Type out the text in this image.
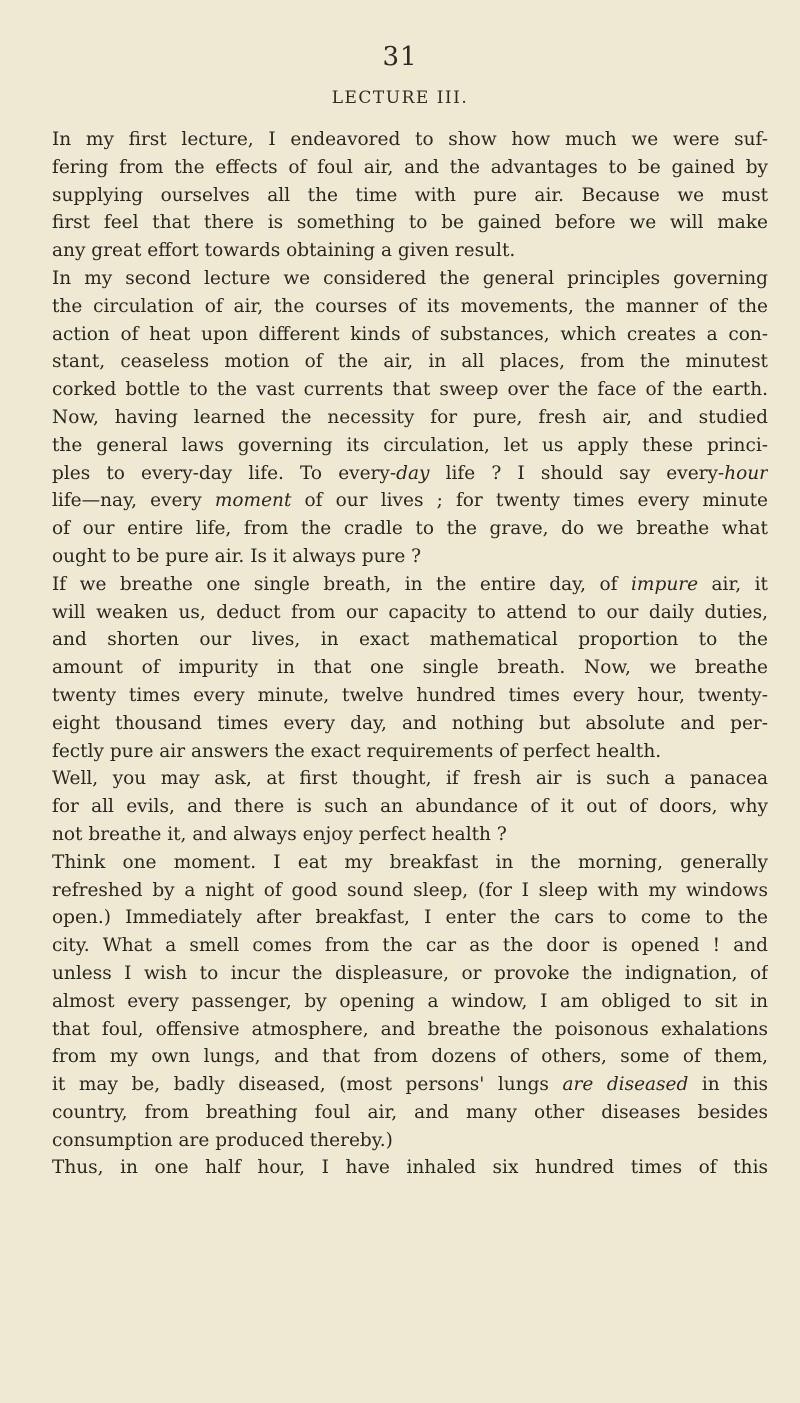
31
LECTURE III.
In my first lecture, I endeavored to show how much we were suf-
fering from the effects of foul air, and the advantages to be gained by
supplying ourselves all the time with pure air. Because we must
first feel that there is something to be gained before we will make
any great effort towards obtaining a given result.
In my second lecture we considered the general principles governing
the circulation of air, the courses of its movements, the manner of the
action of heat upon different kinds of substances, which creates a con-
stant, ceaseless motion of the air, in all places, from the minutest
corked bottle to the vast currents that sweep over the face of the earth.
Now, having learned the necessity for pure, fresh air, and studied
the general laws governing its circulation, let us apply these princi-
ples to every-day life. To every-day life ? I should say every-hour
life—nay, every moment of our lives ; for twenty times every minute
of our entire life, from the cradle to the grave, do we breathe what
ought to be pure air. Is it always pure ?
If we breathe one single breath, in the entire day, of impure air, it
will weaken us, deduct from our capacity to attend to our daily duties,
and shorten our lives, in exact mathematical proportion to the
amount of impurity in that one single breath. Now, we breathe
twenty times every minute, twelve hundred times every hour, twenty-
eight thousand times every day, and nothing but absolute and per-
fectly pure air answers the exact requirements of perfect health.
Well, you may ask, at first thought, if fresh air is such a panacea
for all evils, and there is such an abundance of it out of doors, why
not breathe it, and always enjoy perfect health ?
Think one moment. I eat my breakfast in the morning, generally
refreshed by a night of good sound sleep, (for I sleep with my windows
open.) Immediately after breakfast, I enter the cars to come to the
city. What a smell comes from the car as the door is opened ! and
unless I wish to incur the displeasure, or provoke the indignation, of
almost every passenger, by opening a window, I am obliged to sit in
that foul, offensive atmosphere, and breathe the poisonous exhalations
from my own lungs, and that from dozens of others, some of them,
it may be, badly diseased, (most persons' lungs are diseased in this
country, from breathing foul air, and many other diseases besides
consumption are produced thereby.)
Thus, in one half hour, I have inhaled six hundred times of this
